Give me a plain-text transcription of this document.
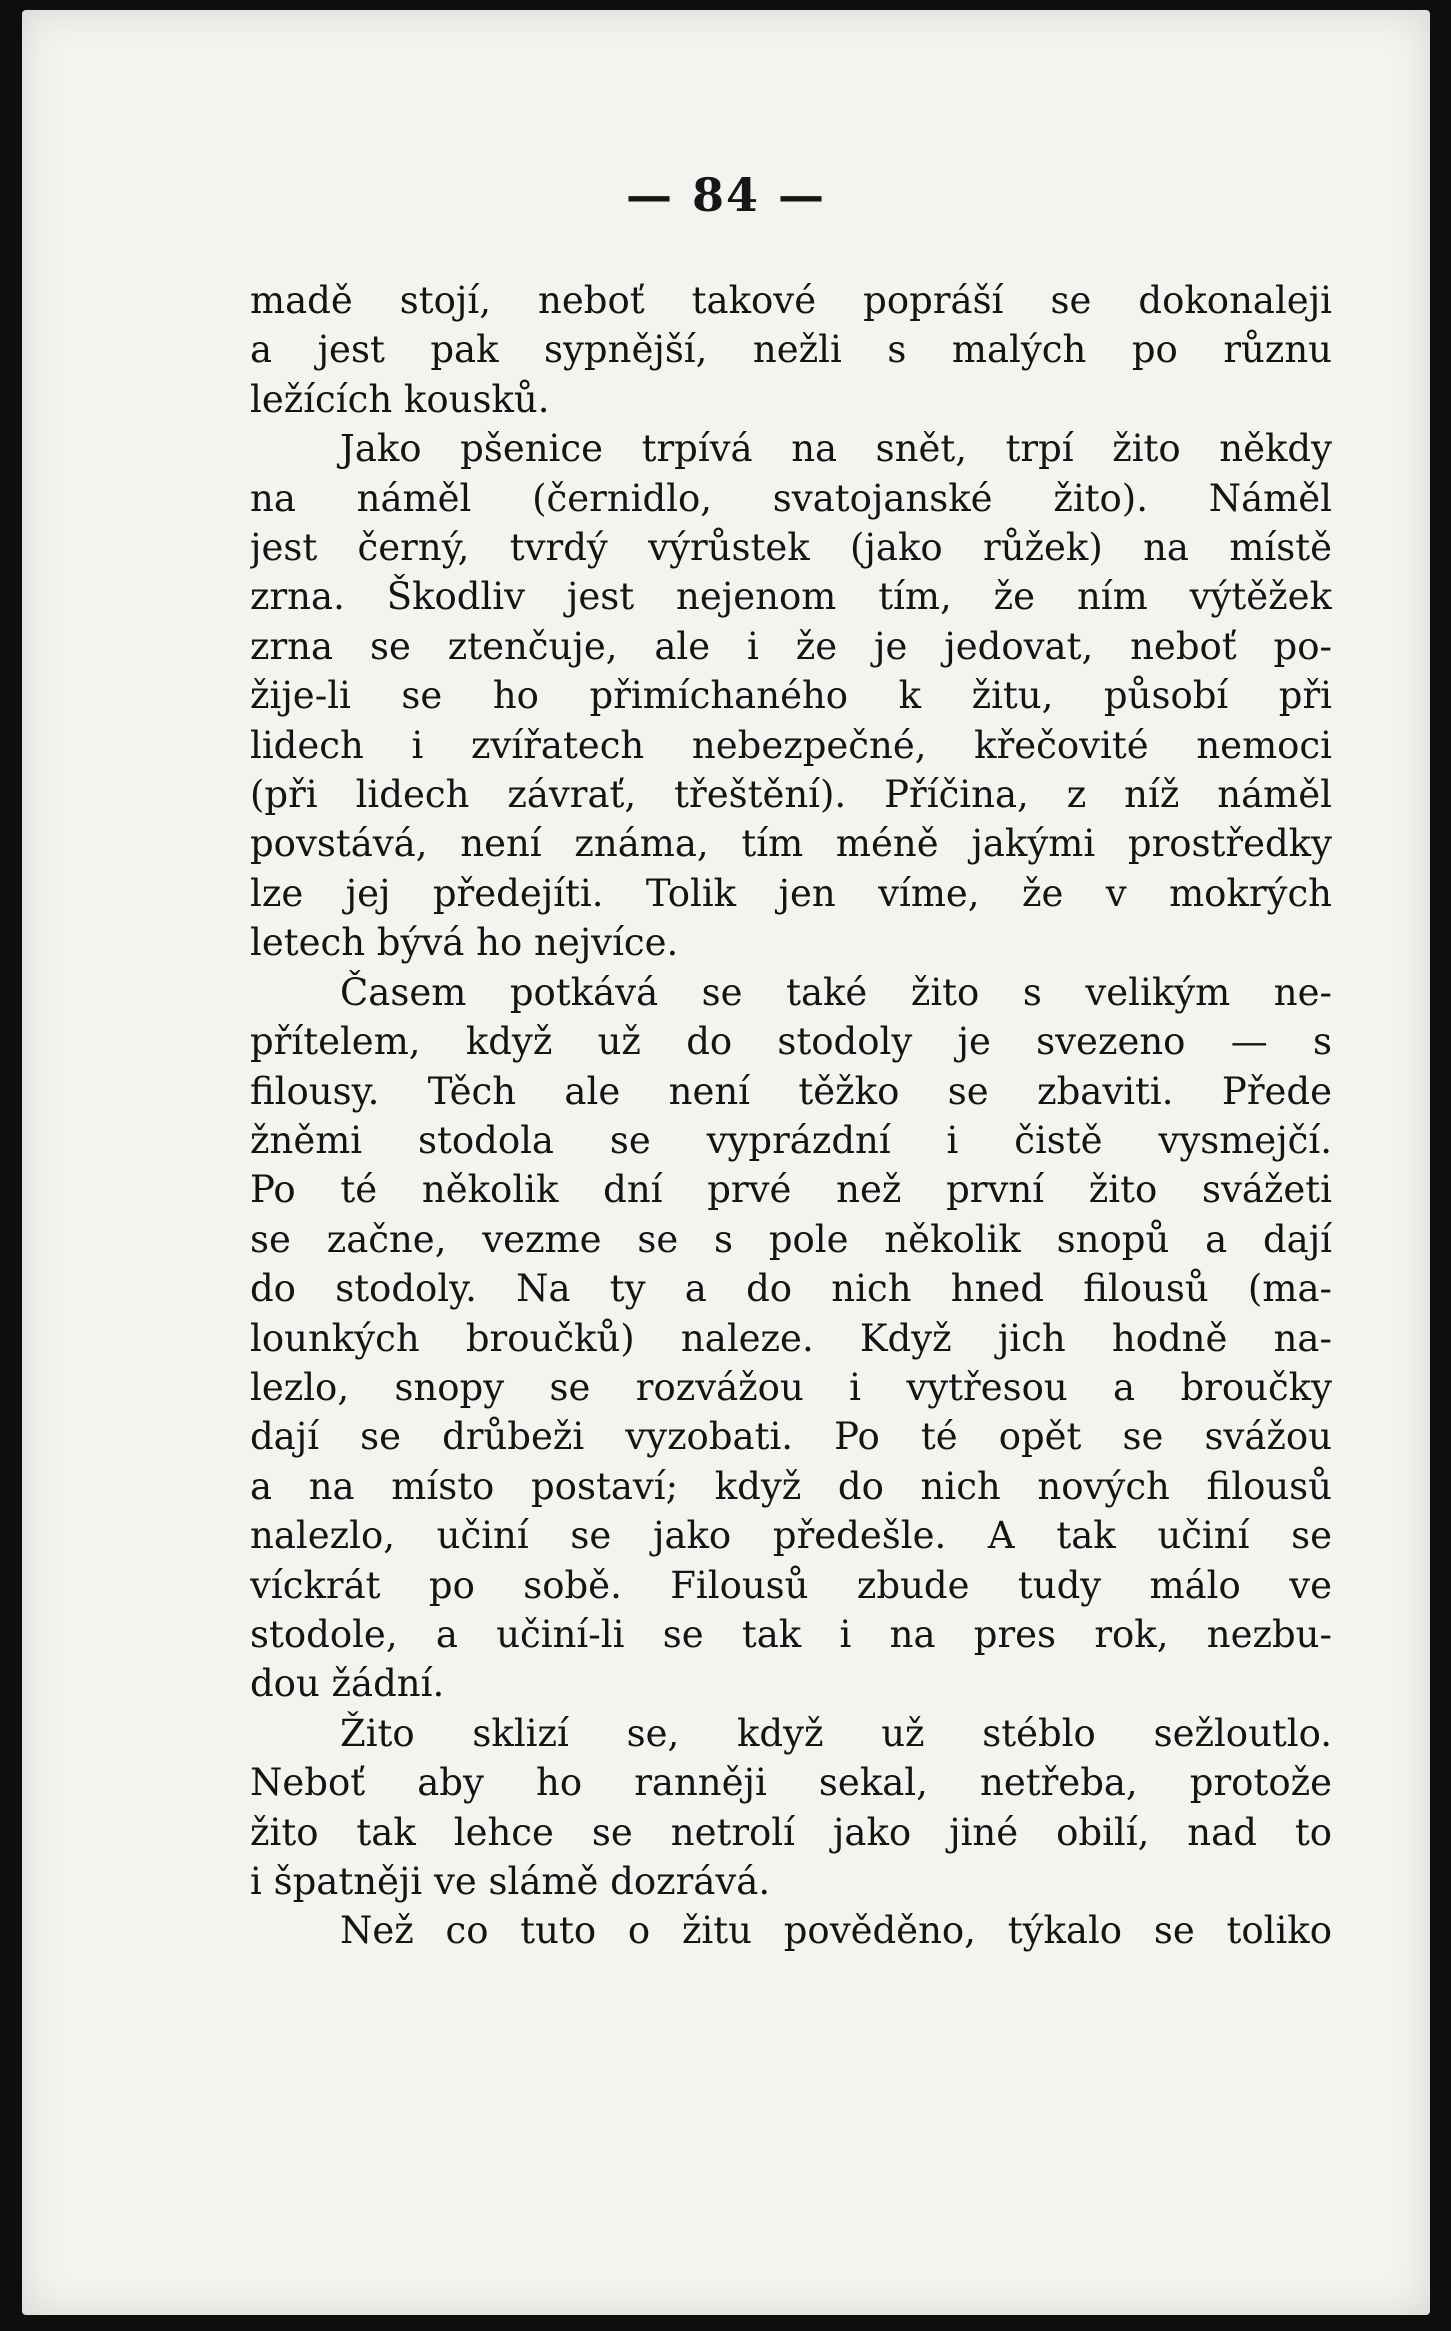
— 84 —
madě stojí, neboť takové popráší se dokonaleji
a jest pak sypnější, nežli s malých po různu
ležících kousků.
Jako pšenice trpívá na snět, trpí žito někdy
na náměl (černidlo, svatojanské žito). Náměl
jest černý, tvrdý výrůstek (jako růžek) na místě
zrna. Škodliv jest nejenom tím, že ním výtěžek
zrna se ztenčuje, ale i že je jedovat, neboť po-
žije-li se ho přimíchaného k žitu, působí při
lidech i zvířatech nebezpečné, křečovité nemoci
(při lidech závrať, třeštění). Příčina, z níž náměl
povstává, není známa, tím méně jakými prostředky
lze jej předejíti. Tolik jen víme, že v mokrých
letech bývá ho nejvíce.
Časem potkává se také žito s velikým ne-
přítelem, když už do stodoly je svezeno — s
filousy. Těch ale není těžko se zbaviti. Přede
žněmi stodola se vyprázdní i čistě vysmejčí.
Po té několik dní prvé než první žito svážeti
se začne, vezme se s pole několik snopů a dají
do stodoly. Na ty a do nich hned filousů (ma-
lounkých broučků) naleze. Když jich hodně na-
lezlo, snopy se rozvážou i vytřesou a broučky
dají se drůbeži vyzobati. Po té opět se svážou
a na místo postaví; když do nich nových filousů
nalezlo, učiní se jako předešle. A tak učiní se
víckrát po sobě. Filousů zbude tudy málo ve
stodole, a učiní-li se tak i na pres rok, nezbu-
dou žádní.
Žito sklizí se, když už stéblo sežloutlo.
Neboť aby ho ranněji sekal, netřeba, protože
žito tak lehce se netrolí jako jiné obilí, nad to
i špatněji ve slámě dozrává.
Než co tuto o žitu pověděno, týkalo se toliko
